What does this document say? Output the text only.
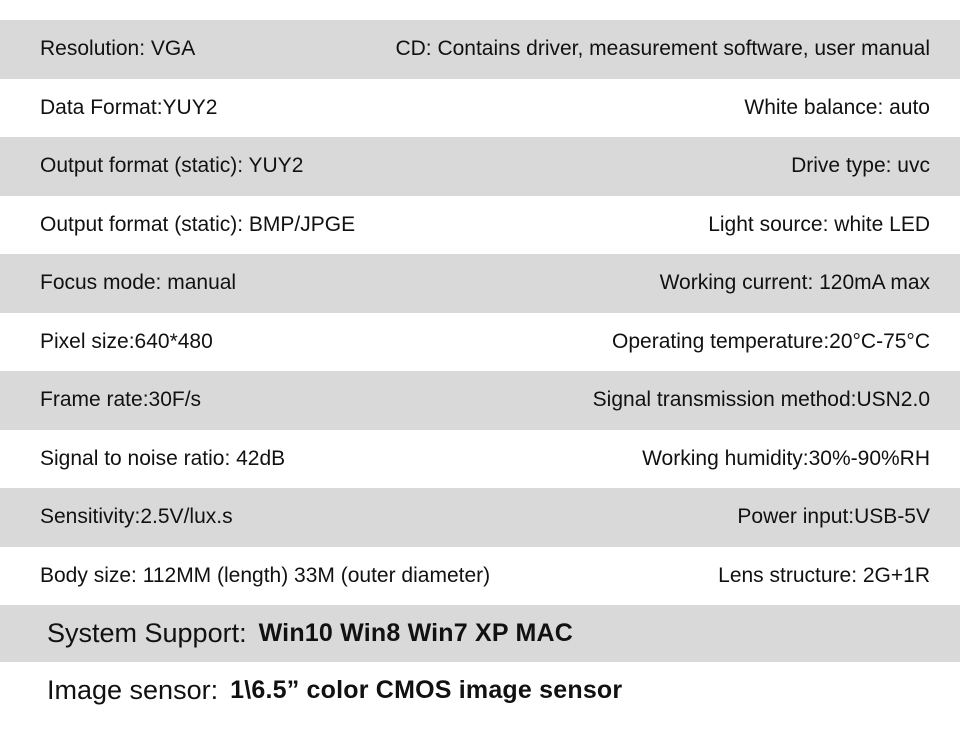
Resolution: VGA	CD: Contains driver, measurement software, user manual
Data Format:YUY2	White balance: auto
Output format (static): YUY2	Drive type: uvc
Output format (static): BMP/JPGE	Light source: white LED
Focus mode: manual	Working current: 120mA max
Pixel size:640*480	Operating temperature:20°C-75°C
Frame rate:30F/s	Signal transmission method:USN2.0
Signal to noise ratio: 42dB	Working humidity:30%-90%RH
Sensitivity:2.5V/lux.s	Power input:USB-5V
Body size: 112MM (length) 33M (outer diameter)	Lens structure: 2G+1R
System Support: Win10 Win8 Win7 XP MAC
Image sensor: 1\6.5” color CMOS image sensor
